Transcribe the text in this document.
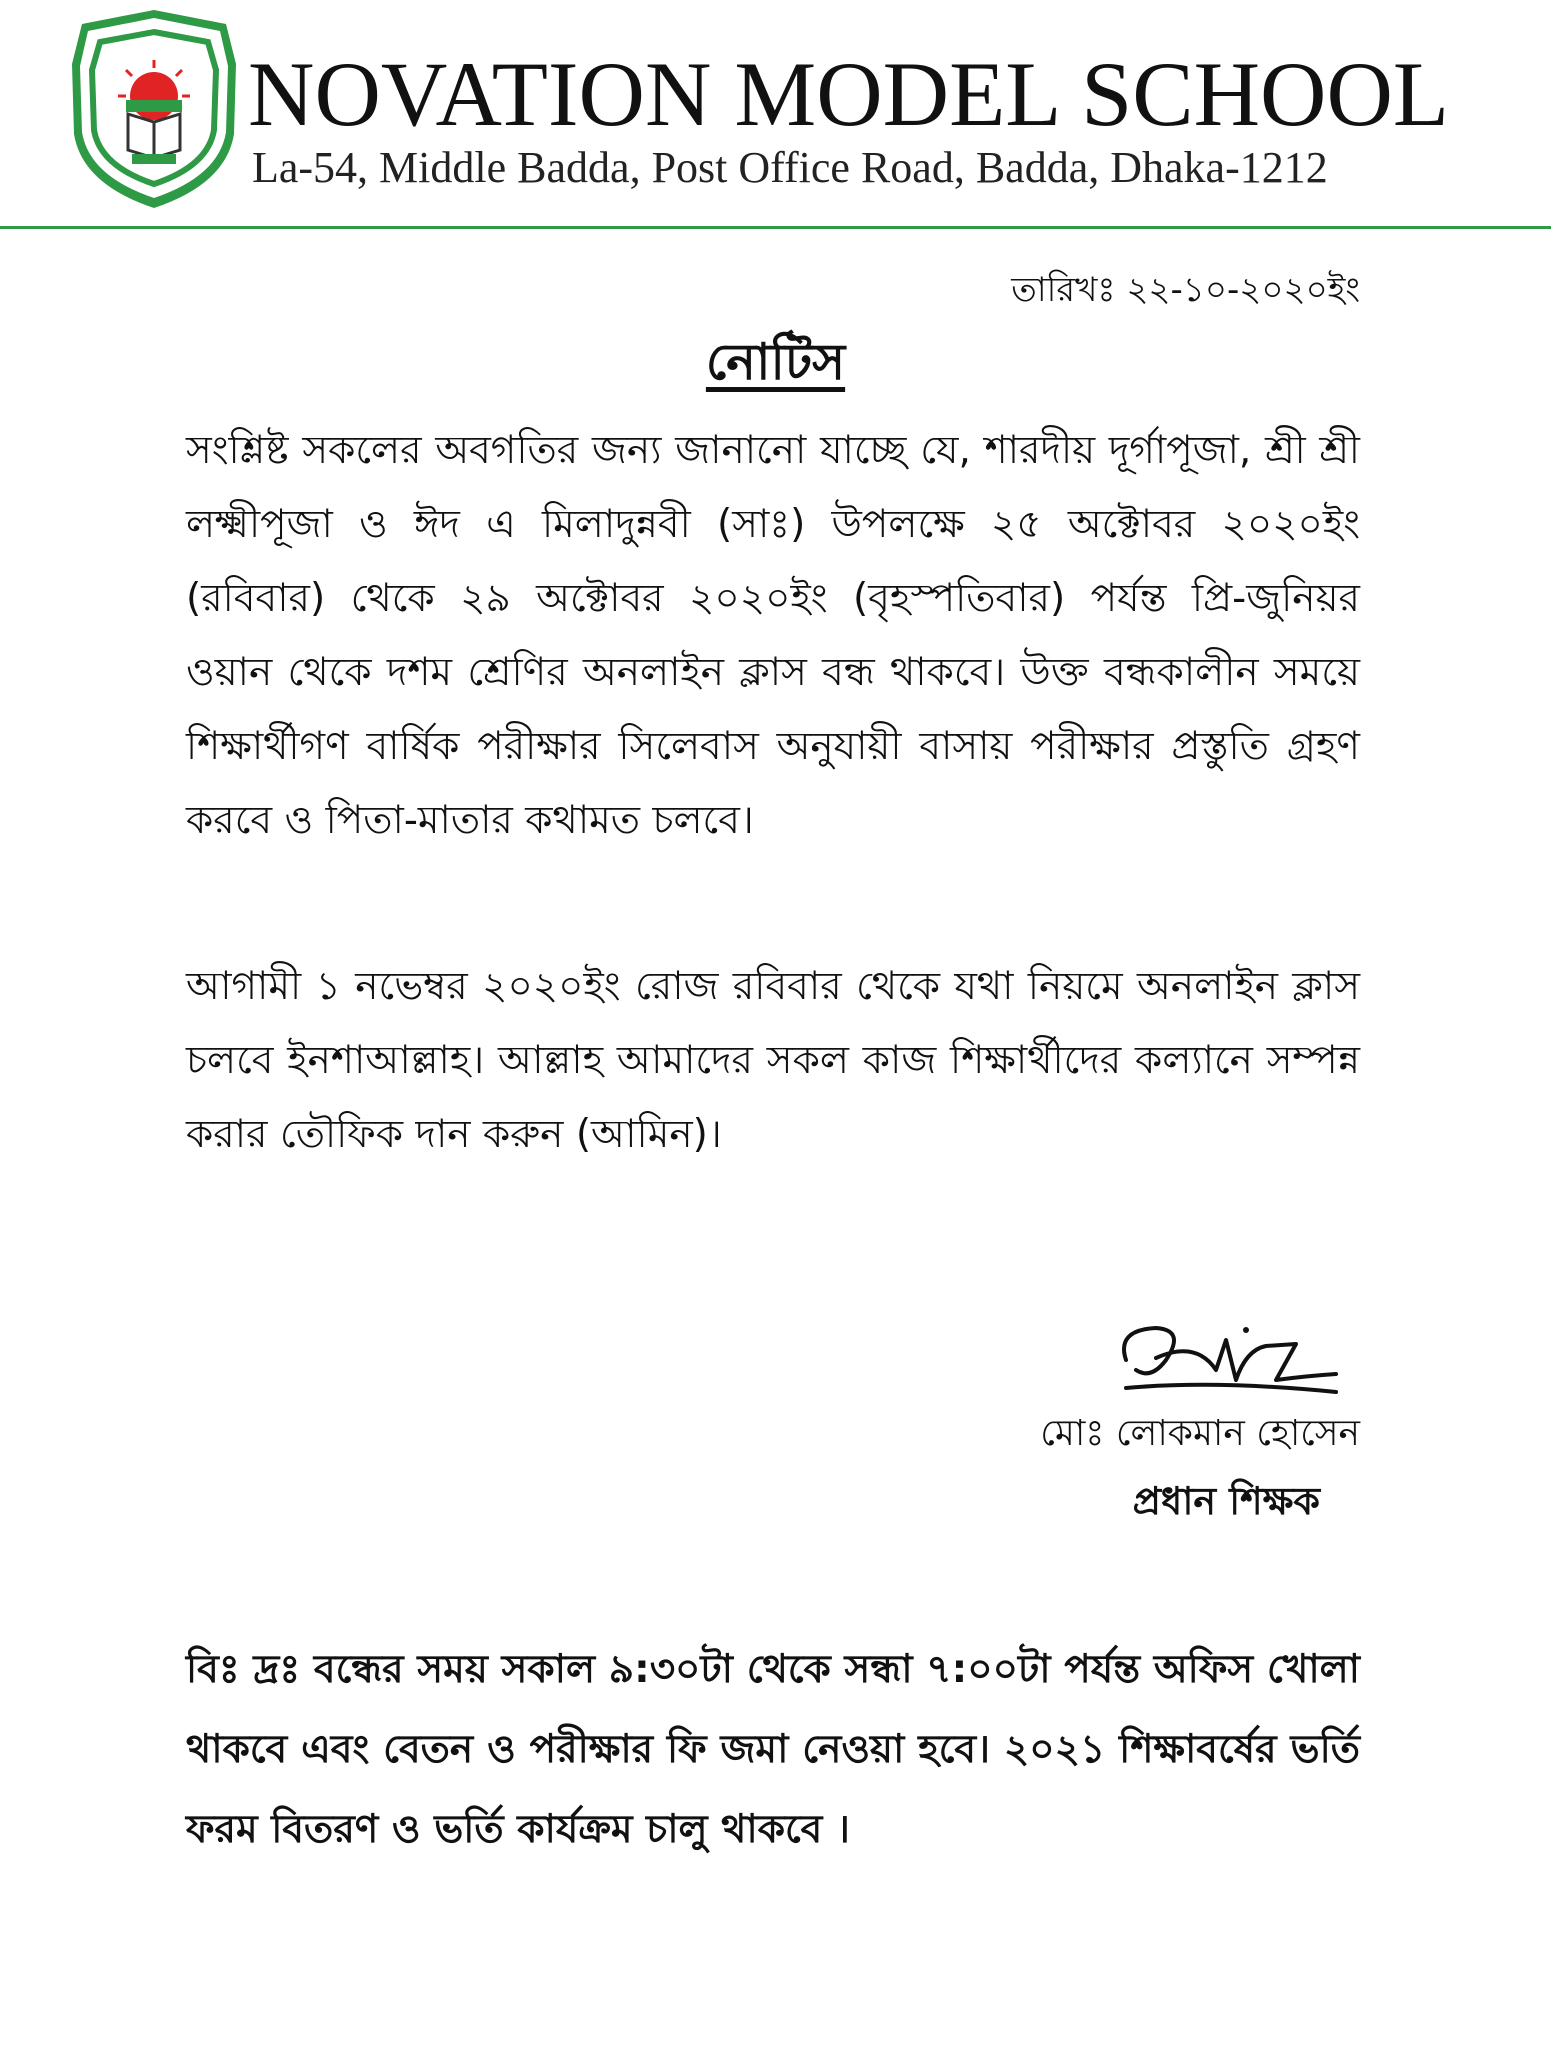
NOVATION MODEL SCHOOL
La-54, Middle Badda, Post Office Road, Badda, Dhaka-1212
তারিখঃ ২২-১০-২০২০ইং
নোটিস

সংশ্লিষ্ট সকলের অবগতির জন্য জানানো যাচ্ছে যে, শারদীয় দূর্গাপূজা, শ্রী শ্রী লক্ষ্মীপূজা ও ঈদ এ মিলাদুন্নবী (সাঃ) উপলক্ষে ২৫ অক্টোবর ২০২০ইং (রবিবার) থেকে ২৯ অক্টোবর ২০২০ইং (বৃহস্পতিবার) পর্যন্ত প্রি-জুনিয়র ওয়ান থেকে দশম শ্রেণির অনলাইন ক্লাস বন্ধ থাকবে। উক্ত বন্ধকালীন সময়ে শিক্ষার্থীগণ বার্ষিক পরীক্ষার সিলেবাস অনুযায়ী বাসায় পরীক্ষার প্রস্তুতি গ্রহণ করবে ও পিতা-মাতার কথামত চলবে।

আগামী ১ নভেম্বর ২০২০ইং রোজ রবিবার থেকে যথা নিয়মে অনলাইন ক্লাস চলবে ইনশাআল্লাহ। আল্লাহ আমাদের সকল কাজ শিক্ষার্থীদের কল্যানে সম্পন্ন করার তৌফিক দান করুন (আমিন)।

মোঃ লোকমান হোসেন
প্রধান শিক্ষক

বিঃ দ্রঃ বন্ধের সময় সকাল ৯:৩০টা থেকে সন্ধা ৭:০০টা পর্যন্ত অফিস খোলা থাকবে এবং বেতন ও পরীক্ষার ফি জমা নেওয়া হবে। ২০২১ শিক্ষাবর্ষের ভর্তি ফরম বিতরণ ও ভর্তি কার্যক্রম চালু থাকবে ।
